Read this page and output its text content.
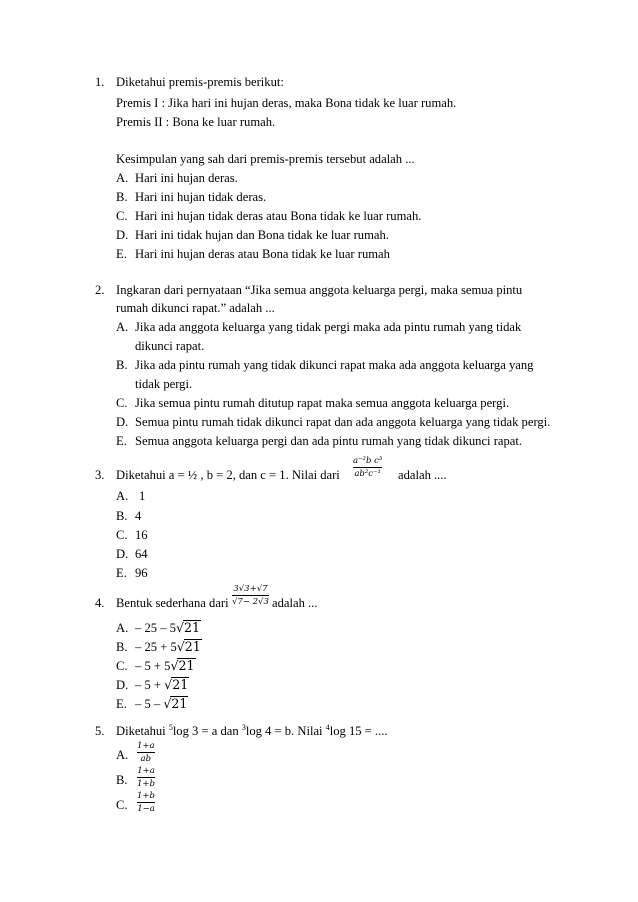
1. Diketahui premis-premis berikut:
Premis I : Jika hari ini hujan deras, maka Bona tidak ke luar rumah.
Premis II : Bona ke luar rumah.
Kesimpulan yang sah dari premis-premis tersebut adalah ...
A. Hari ini hujan deras.
B. Hari ini hujan tidak deras.
C. Hari ini hujan tidak deras atau Bona tidak ke luar rumah.
D. Hari ini tidak hujan dan Bona tidak ke luar rumah.
E. Hari ini hujan deras atau Bona tidak ke luar rumah
2. Ingkaran dari pernyataan “Jika semua anggota keluarga pergi, maka semua pintu
rumah dikunci rapat.” adalah ...
A. Jika ada anggota keluarga yang tidak pergi maka ada pintu rumah yang tidak
dikunci rapat.
B. Jika ada pintu rumah yang tidak dikunci rapat maka ada anggota keluarga yang
tidak pergi.
C. Jika semua pintu rumah ditutup rapat maka semua anggota keluarga pergi.
D. Semua pintu rumah tidak dikunci rapat dan ada anggota keluarga yang tidak pergi.
E. Semua anggota keluarga pergi dan ada pintu rumah yang tidak dikunci rapat.
3. Diketahui a = ½ , b = 2, dan c = 1. Nilai dari
a⁻²b c³
ab²c⁻¹ adalah ....
A. 1
B. 4
C. 16
D. 64
E. 96
4. Bentuk sederhana dari
3√3+√7
√7− 2√3 adalah ...
A. – 25 – 5√21
B. – 25 + 5√21
C. – 5 + 5√21
D. – 5 + √21
E. – 5 – √21
5. Diketahui $^5$log 3 = a dan $^3$log 4 = b. Nilai $^4$log 15 = ....
A.
1+a
ab
B.
1+a
1+b
C.
1+b
1−a
